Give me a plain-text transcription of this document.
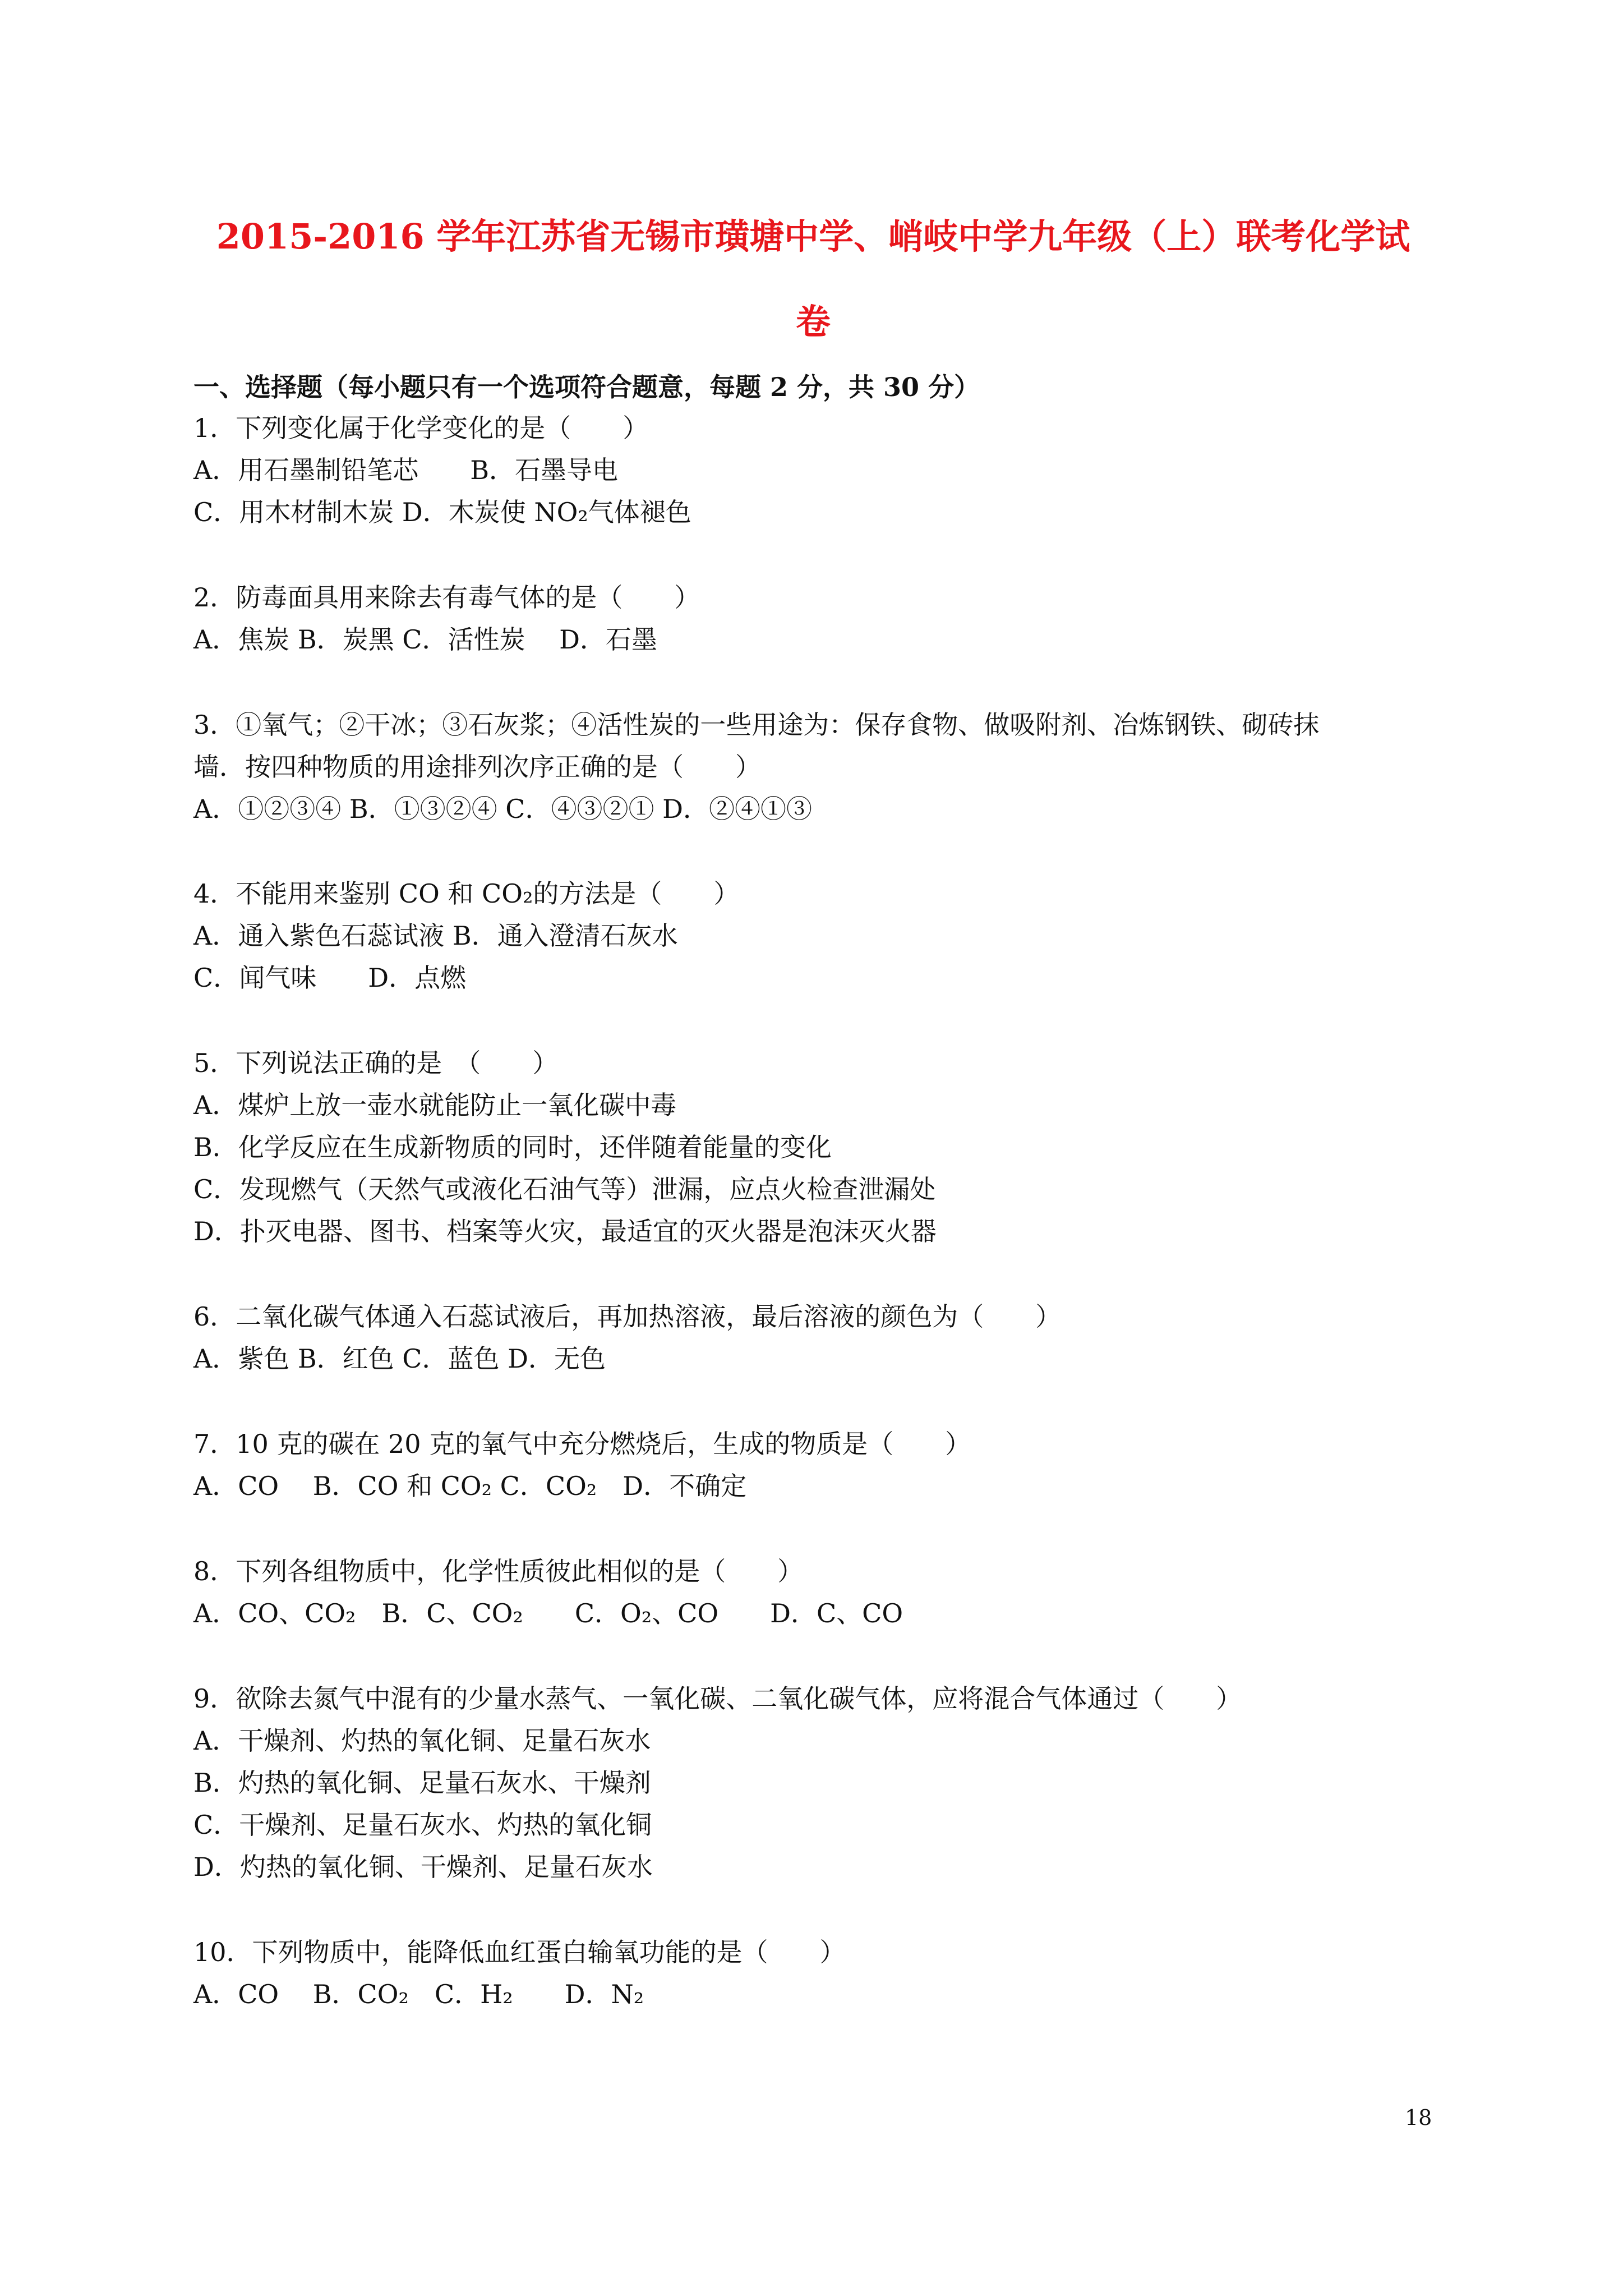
2015-2016 学年江苏省无锡市璜塘中学、峭岐中学九年级（上）联考化学试
卷
一、选择题（每小题只有一个选项符合题意，每题 2 分，共 30 分）
1．下列变化属于化学变化的是（　　）
A．用石墨制铅笔芯　　B．石墨导电
C．用木材制木炭 D．木炭使 NO₂气体褪色
2．防毒面具用来除去有毒气体的是（　　）
A．焦炭 B．炭黑 C．活性炭　 D．石墨
3．①氧气；②干冰；③石灰浆；④活性炭的一些用途为：保存食物、做吸附剂、冶炼钢铁、砌砖抹
墙．按四种物质的用途排列次序正确的是（　　）
A．①②③④ B．①③②④ C．④③②① D．②④①③
4．不能用来鉴别 CO 和 CO₂的方法是（　　）
A．通入紫色石蕊试液 B．通入澄清石灰水
C．闻气味　　D．点燃
5．下列说法正确的是　（　　）
A．煤炉上放一壶水就能防止一氧化碳中毒
B．化学反应在生成新物质的同时，还伴随着能量的变化
C．发现燃气（天然气或液化石油气等）泄漏，应点火检查泄漏处
D．扑灭电器、图书、档案等火灾，最适宜的灭火器是泡沫灭火器
6．二氧化碳气体通入石蕊试液后，再加热溶液，最后溶液的颜色为（　　）
A．紫色 B．红色 C．蓝色 D．无色
7．10 克的碳在 20 克的氧气中充分燃烧后，生成的物质是（　　）
A．CO　 B．CO 和 CO₂ C．CO₂　D．不确定
8．下列各组物质中，化学性质彼此相似的是（　　）
A．CO、CO₂　B．C、CO₂　　C．O₂、CO　　D．C、CO
9．欲除去氮气中混有的少量水蒸气、一氧化碳、二氧化碳气体，应将混合气体通过（　　）
A．干燥剂、灼热的氧化铜、足量石灰水
B．灼热的氧化铜、足量石灰水、干燥剂
C．干燥剂、足量石灰水、灼热的氧化铜
D．灼热的氧化铜、干燥剂、足量石灰水
10．下列物质中，能降低血红蛋白输氧功能的是（　　）
A．CO　 B．CO₂　C．H₂　　D．N₂
18
